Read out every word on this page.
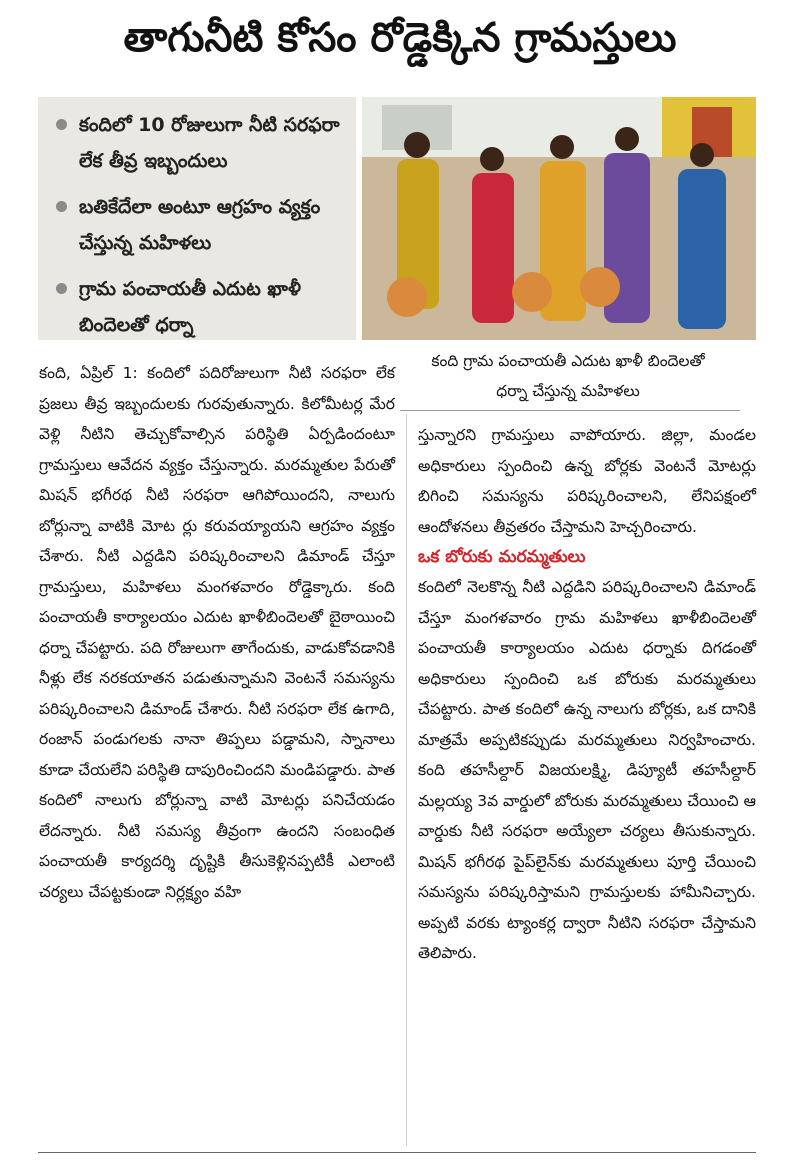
తాగునీటి కోసం రోడ్డెక్కిన గ్రామస్తులు
కందిలో 10 రోజులుగా నీటి సరఫరా లేక తీవ్ర ఇబ్బందులు
బతికేదేలా అంటూ ఆగ్రహం వ్యక్తం చేస్తున్న మహిళలు
గ్రామ పంచాయతీ ఎదుట ఖాళీ బిందెలతో ధర్నా
కంది గ్రామ పంచాయతీ ఎదుట ఖాళీ బిందెలతో ధర్నా చేస్తున్న మహిళలు

కంది, ఏప్రిల్ 1: కందిలో పదిరోజులుగా నీటి సరఫరా లేక ప్రజలు తీవ్ర ఇబ్బందులకు గురవుతున్నారు. కిలోమీటర్ల మేర వెళ్లి నీటిని తెచ్చుకోవాల్సిన పరిస్థితి ఏర్పడిందంటూ గ్రామస్తులు ఆవేదన వ్యక్తం చేస్తున్నారు. మరమ్మతుల పేరుతో మిషన్ భగీరథ నీటి సరఫరా ఆగిపోయిందని, నాలుగు బోర్లున్నా వాటికి మోట ర్లు కరువయ్యాయని ఆగ్రహం వ్యక్తం చేశారు. నీటి ఎద్దడిని పరిష్కరించాలని డిమాండ్ చేస్తూ గ్రామస్తులు, మహిళలు మంగళవారం రోడ్డెక్కారు. కంది పంచాయతీ కార్యాలయం ఎదుట ఖాళీబిందెలతో బైఠాయించి ధర్నా చేపట్టారు. పది రోజులుగా తాగేందుకు, వాడుకోవడానికి నీళ్లు లేక నరకయాతన పడుతున్నామని వెంటనే సమస్యను పరిష్కరించాలని డిమాండ్ చేశారు. నీటి సరఫరా లేక ఉగాది, రంజాన్ పండుగలకు నానా తిప్పలు పడ్డామని, స్నానాలు కూడా చేయలేని పరిస్థితి దాపురించిందని మండిపడ్డారు. పాత కందిలో నాలుగు బోర్లున్నా వాటి మోటర్లు పనిచేయడం లేదన్నారు. నీటి సమస్య తీవ్రంగా ఉందని సంబంధిత పంచాయతీ కార్యదర్శి దృష్టికి తీసుకెళ్లినప్పటికీ ఎలాంటి చర్యలు చేపట్టకుండా నిర్లక్ష్యం వహి

స్తున్నారని గ్రామస్తులు వాపోయారు. జిల్లా, మండల అధికారులు స్పందించి ఉన్న బోర్లకు వెంటనే మోటర్లు బిగించి సమస్యను పరిష్కరించాలని, లేనిపక్షంలో ఆందోళనలు తీవ్రతరం చేస్తామని హెచ్చరించారు.

ఒక బోరుకు మరమ్మతులు

కందిలో నెలకొన్న నీటి ఎద్దడిని పరిష్కరించాలని డిమాండ్ చేస్తూ మంగళవారం గ్రామ మహిళలు ఖాళీబిందెలతో పంచాయతీ కార్యాలయం ఎదుట ధర్నాకు దిగడంతో అధికారులు స్పందించి ఒక బోరుకు మరమ్మతులు చేపట్టారు. పాత కందిలో ఉన్న నాలుగు బోర్లకు, ఒక దానికి మాత్రమే అప్పటికప్పుడు మరమ్మతులు నిర్వహించారు. కంది తహసీల్దార్ విజయలక్ష్మి, డిప్యూటీ తహసీల్దార్ మల్లయ్య 3వ వార్డులో బోరుకు మరమ్మతులు చేయించి ఆ వార్డుకు నీటి సరఫరా అయ్యేలా చర్యలు తీసుకున్నారు. మిషన్ భగీరథ పైప్‌లైన్‌కు మరమ్మతులు పూర్తి చేయించి సమస్యను పరిష్కరిస్తామని గ్రామస్తులకు హామీనిచ్చారు. అప్పటి వరకు ట్యాంకర్ల ద్వారా నీటిని సరఫరా చేస్తామని తెలిపారు.
